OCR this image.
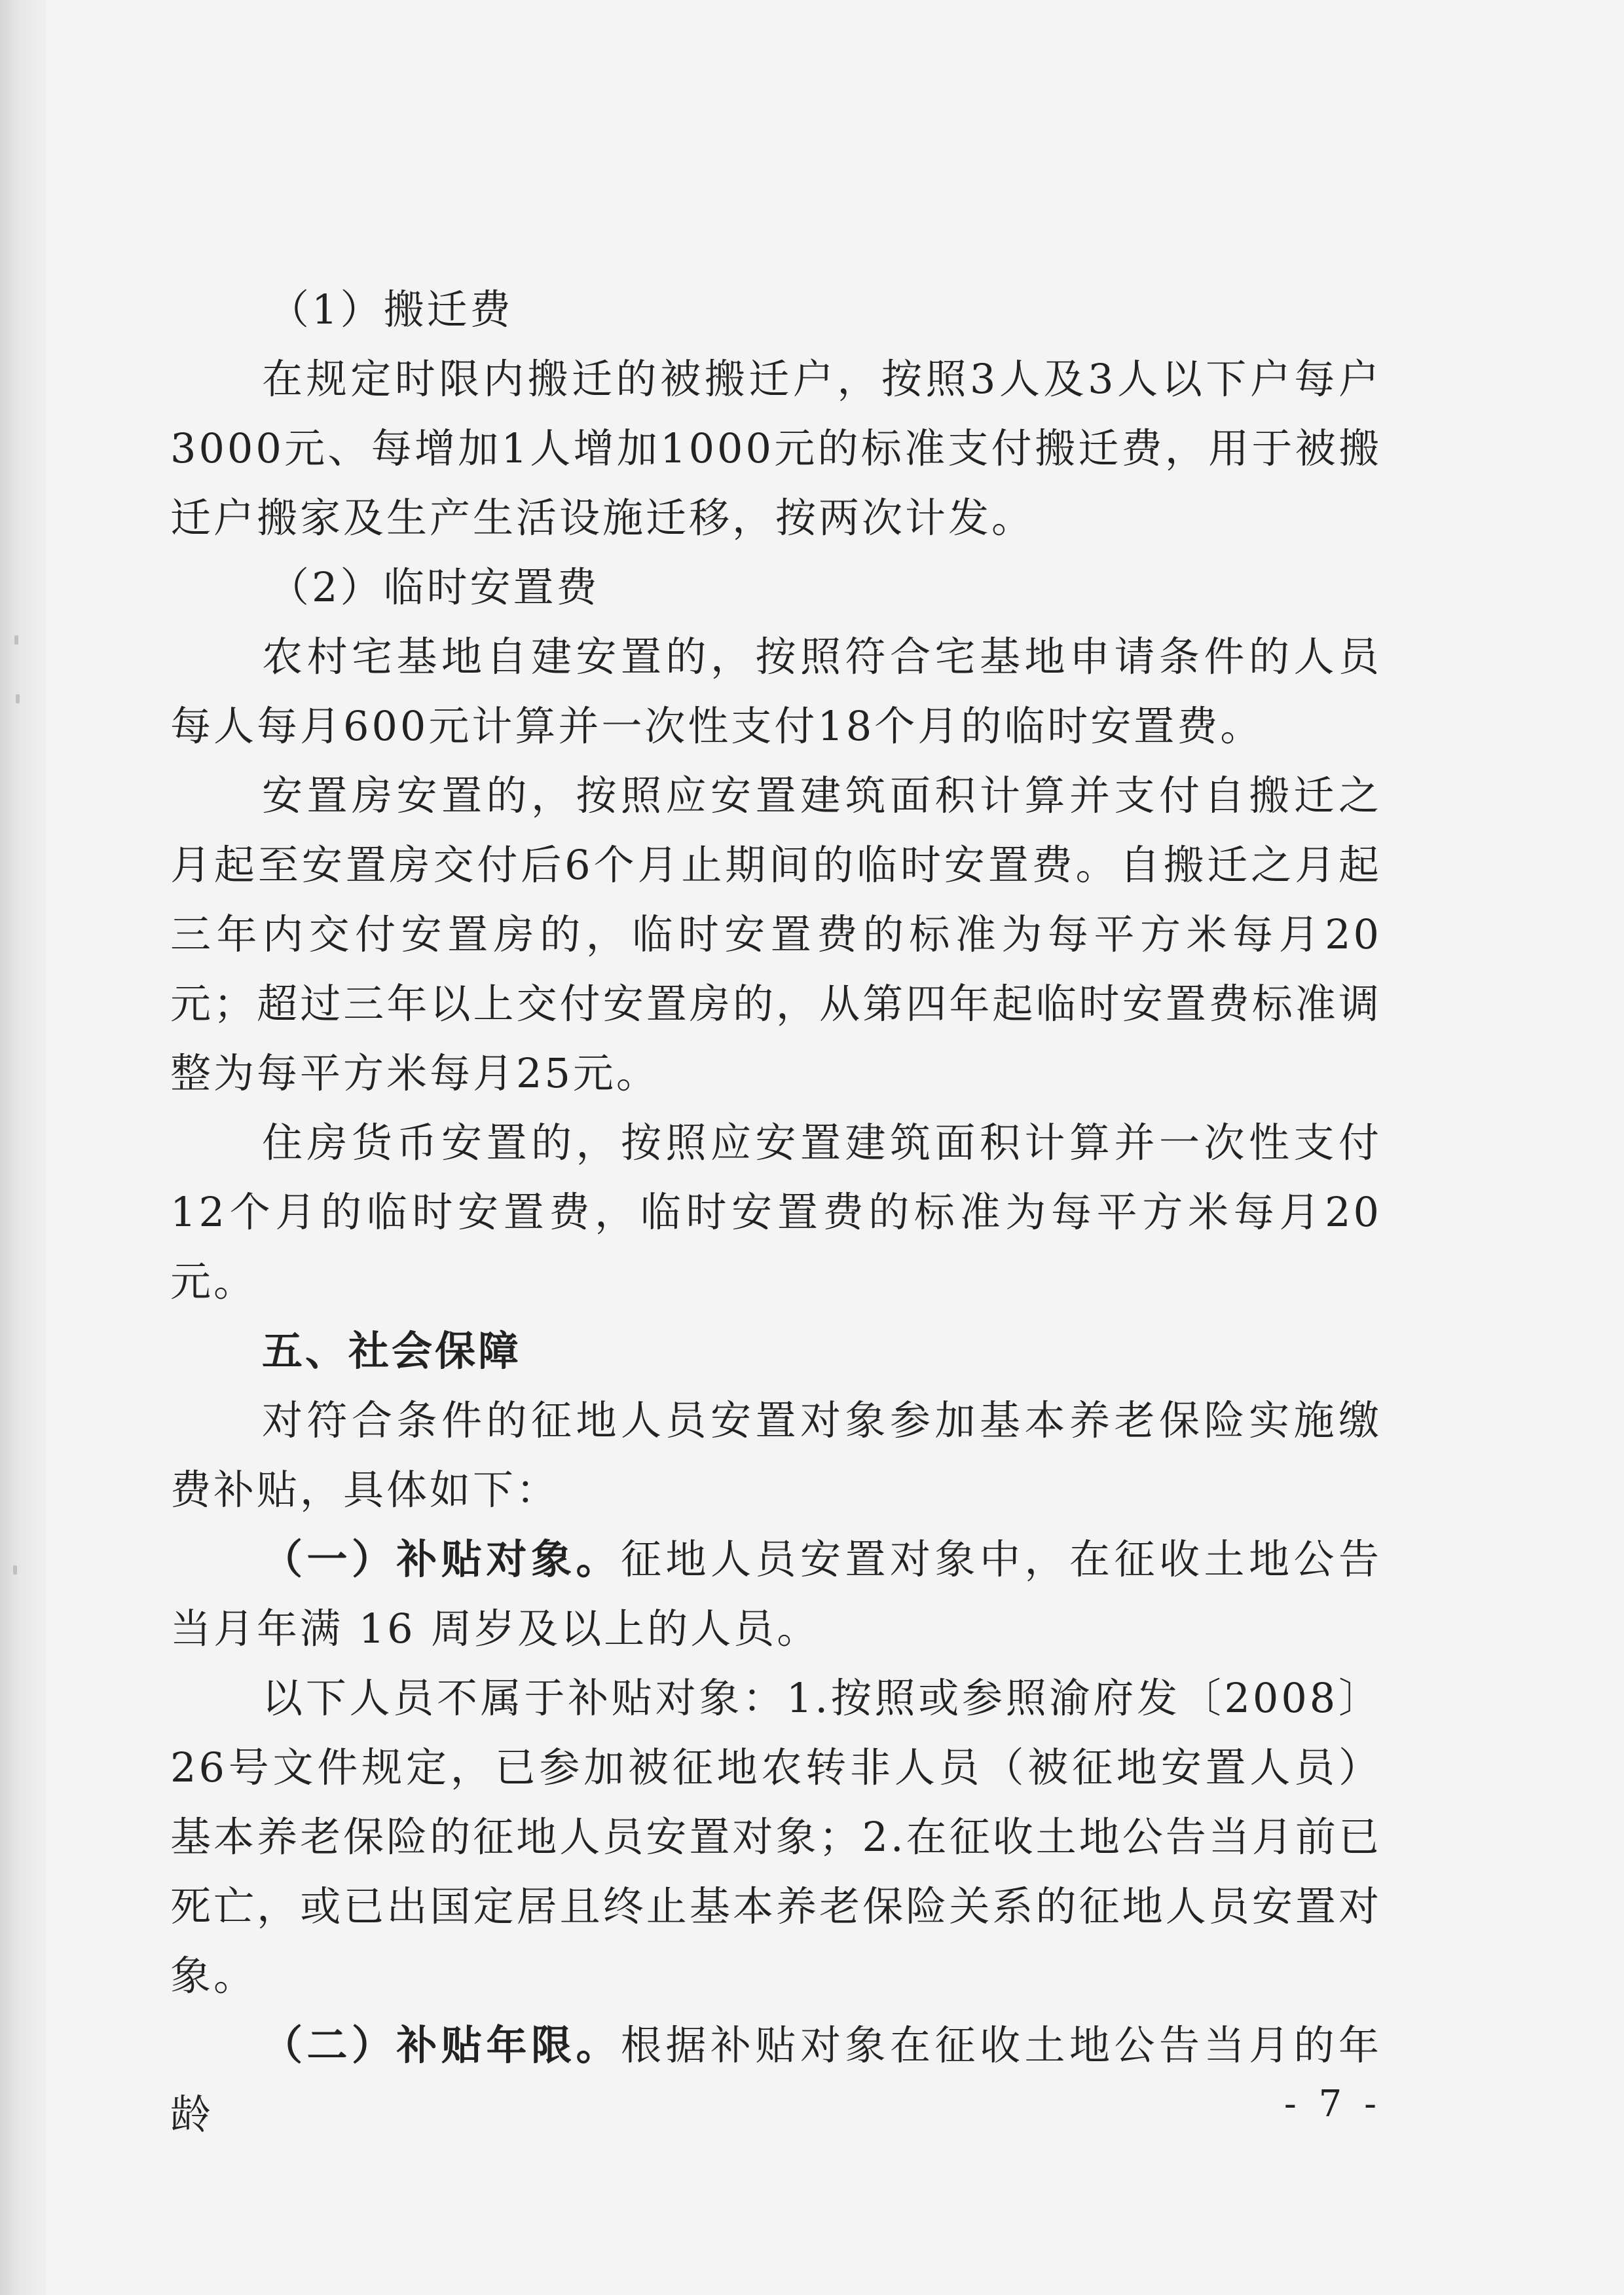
（1）搬迁费

在规定时限内搬迁的被搬迁户，按照3人及3人以下户每户3000元、每增加1人增加1000元的标准支付搬迁费，用于被搬迁户搬家及生产生活设施迁移，按两次计发。

（2）临时安置费

农村宅基地自建安置的，按照符合宅基地申请条件的人员每人每月600元计算并一次性支付18个月的临时安置费。

安置房安置的，按照应安置建筑面积计算并支付自搬迁之月起至安置房交付后6个月止期间的临时安置费。自搬迁之月起三年内交付安置房的，临时安置费的标准为每平方米每月20元；超过三年以上交付安置房的，从第四年起临时安置费标准调整为每平方米每月25元。

住房货币安置的，按照应安置建筑面积计算并一次性支付12个月的临时安置费，临时安置费的标准为每平方米每月20元。

五、社会保障

对符合条件的征地人员安置对象参加基本养老保险实施缴费补贴，具体如下：

（一）补贴对象。征地人员安置对象中，在征收土地公告当月年满 16 周岁及以上的人员。

以下人员不属于补贴对象：1.按照或参照渝府发〔2008〕26号文件规定，已参加被征地农转非人员（被征地安置人员）基本养老保险的征地人员安置对象；2.在征收土地公告当月前已死亡，或已出国定居且终止基本养老保险关系的征地人员安置对象。

（二）补贴年限。根据补贴对象在征收土地公告当月的年龄	- 7 -
